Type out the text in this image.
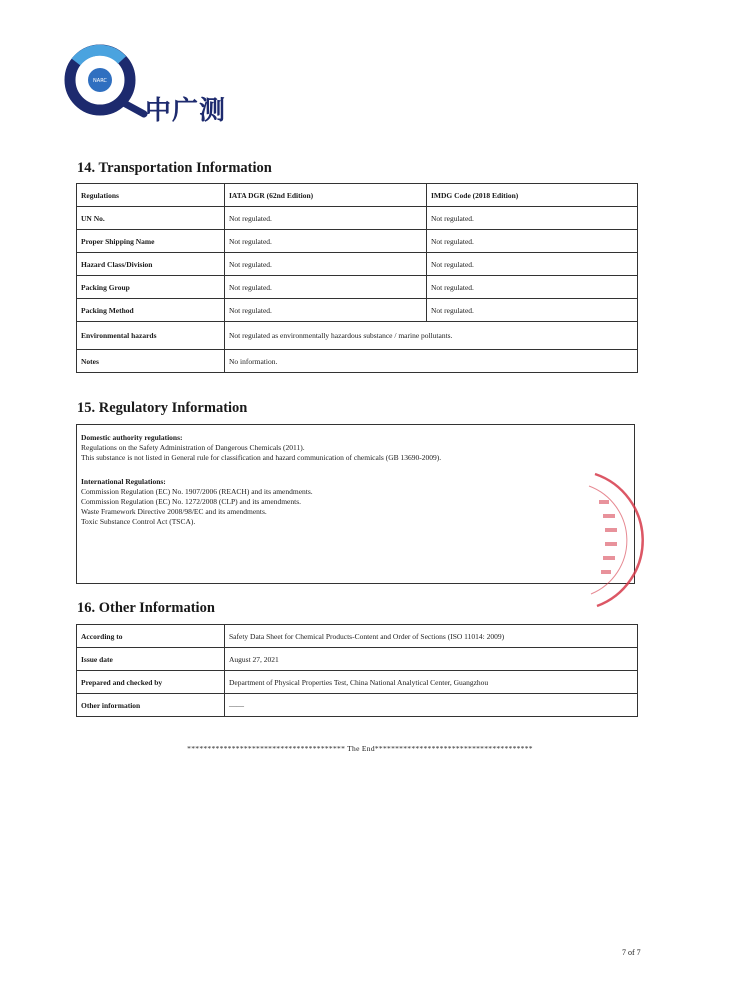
NARC
中广测
14. Transportation Information
Regulations	IATA DGR (62nd Edition)	IMDG Code (2018 Edition)
UN No.	Not regulated.	Not regulated.
Proper Shipping Name	Not regulated.	Not regulated.
Hazard Class/Division	Not regulated.	Not regulated.
Packing Group	Not regulated.	Not regulated.
Packing Method	Not regulated.	Not regulated.
Environmental hazards	Not regulated as environmentally hazardous substance / marine pollutants.	
Notes	No information.	
15. Regulatory Information
Domestic authority regulations:
Regulations on the Safety Administration of Dangerous Chemicals (2011).
This substance is not listed in General rule for classification and hazard communication of chemicals (GB 13690-2009).
International Regulations:
Commission Regulation (EC) No. 1907/2006 (REACH) and its amendments.
Commission Regulation (EC) No. 1272/2008 (CLP) and its amendments.
Waste Framework Directive 2008/98/EC and its amendments.
Toxic Substance Control Act (TSCA).
16. Other Information
According to	Safety Data Sheet for Chemical Products-Content and Order of Sections (ISO 11014: 2009)
Issue date	August 27, 2021
Prepared and checked by	Department of Physical Properties Test, China National Analytical Center, Guangzhou
Other information	——
*************************************** The End***************************************
7 of 7
